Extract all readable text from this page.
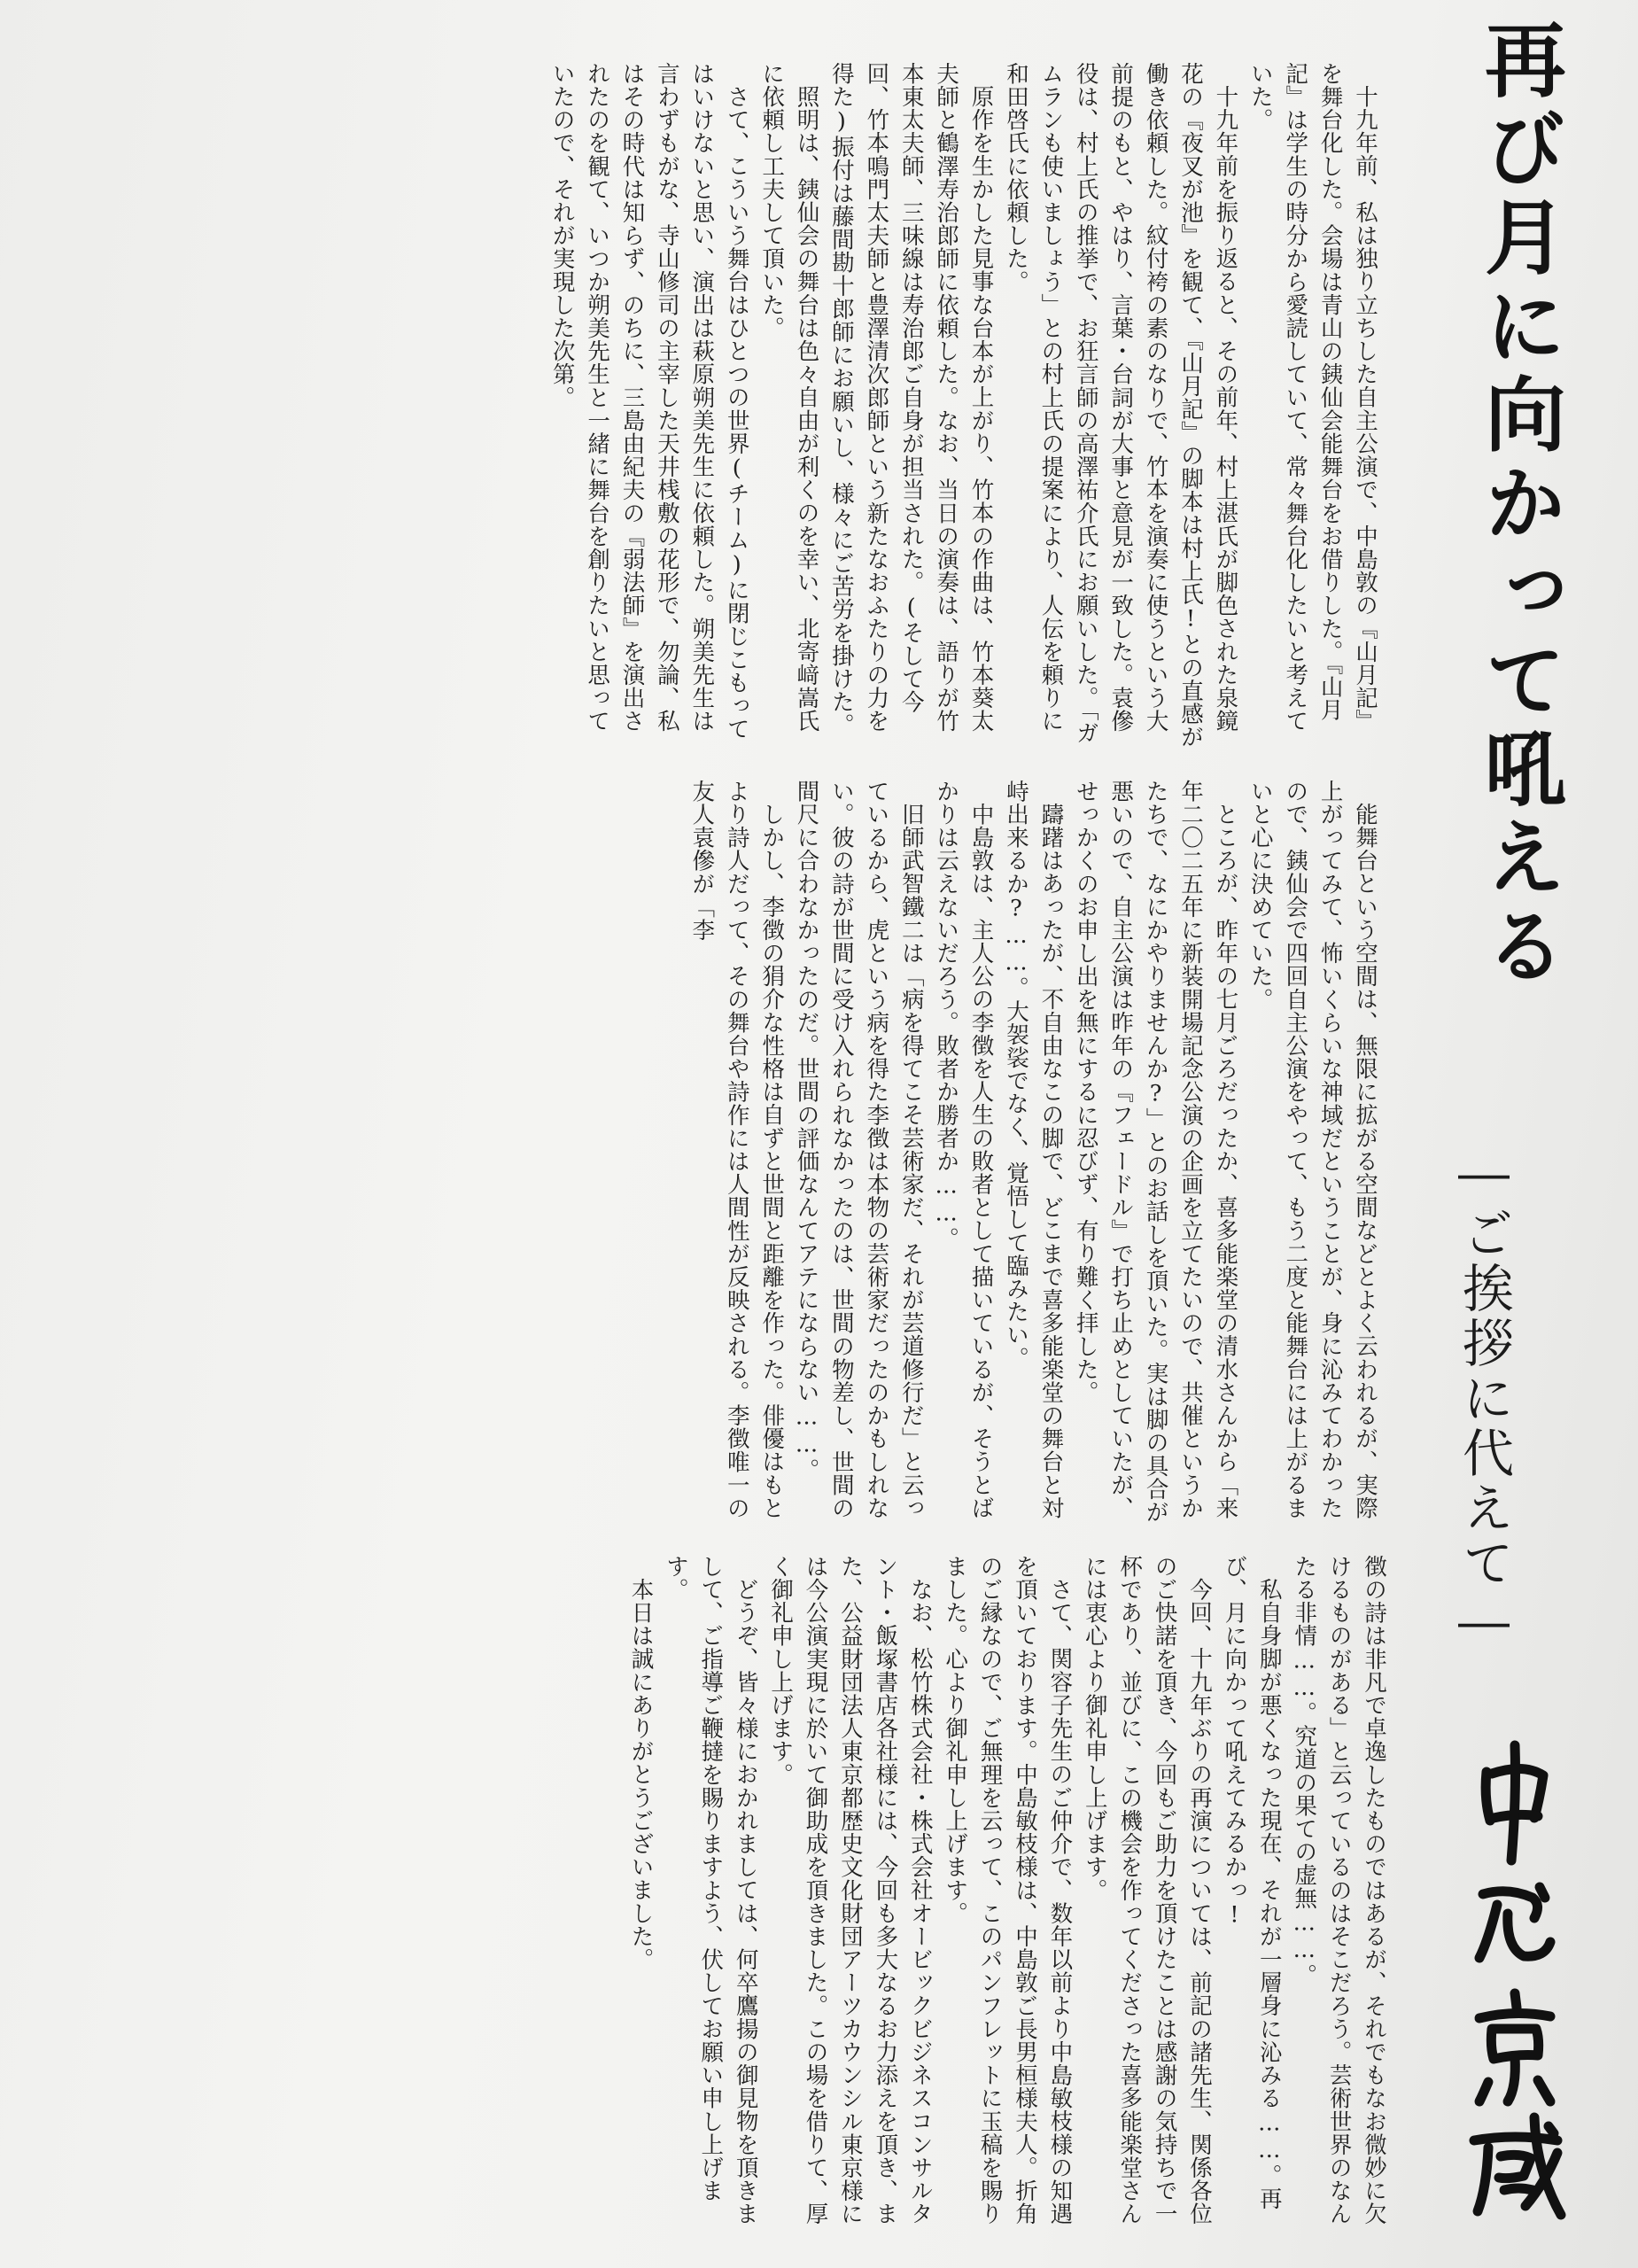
再び月に向かって吼える
―ご挨拶に代えて―

十九年前、私は独り立ちした自主公演で、中島敦の『山月記』を舞台化した。会場は青山の銕仙会能舞台をお借りした。『山月記』は学生の時分から愛読していて、常々舞台化したいと考えていた。

十九年前を振り返ると、その前年、村上湛氏が脚色された泉鏡花の『夜叉が池』を観て、『山月記』の脚本は村上氏!との直感が働き依頼した。紋付袴の素のなりで、竹本を演奏に使うという大前提のもと、やはり、言葉・台詞が大事と意見が一致した。袁傪役は、村上氏の推挙で、お狂言師の高澤祐介氏にお願いした。「ガムランも使いましょう」との村上氏の提案により、人伝を頼りに和田啓氏に依頼した。

原作を生かした見事な台本が上がり、竹本の作曲は、竹本葵太夫師と鶴澤寿治郎師に依頼した。なお、当日の演奏は、語りが竹本東太夫師、三味線は寿治郎ご自身が担当された。(そして今回、竹本鳴門太夫師と豊澤清次郎師という新たなおふたりの力を得た)振付は藤間勘十郎師にお願いし、様々にご苦労を掛けた。

照明は、銕仙会の舞台は色々自由が利くのを幸い、北寄﨑嵩氏に依頼し工夫して頂いた。

さて、こういう舞台はひとつの世界(チーム)に閉じこもってはいけないと思い、演出は萩原朔美先生に依頼した。朔美先生は言わずもがな、寺山修司の主宰した天井桟敷の花形で、勿論、私はその時代は知らず、のちに、三島由紀夫の『弱法師』を演出されたのを観て、いつか朔美先生と一緒に舞台を創りたいと思っていたので、それが実現した次第。

能舞台という空間は、無限に拡がる空間などとよく云われるが、実際上がってみて、怖いくらいな神域だということが、身に沁みてわかったので、銕仙会で四回自主公演をやって、もう二度と能舞台には上がるまいと心に決めていた。

ところが、昨年の七月ごろだったか、喜多能楽堂の清水さんから「来年二〇二五年に新装開場記念公演の企画を立てたいので、共催というかたちで、なにかやりませんか?」とのお話しを頂いた。実は脚の具合が悪いので、自主公演は昨年の『フェードル』で打ち止めとしていたが、せっかくのお申し出を無にするに忍びず、有り難く拝した。

躊躇はあったが、不自由なこの脚で、どこまで喜多能楽堂の舞台と対峙出来るか?……。大袈裟でなく、覚悟して臨みたい。

中島敦は、主人公の李徴を人生の敗者として描いているが、そうとばかりは云えないだろう。敗者か勝者か……。

旧師武智鐵二は「病を得てこそ芸術家だ、それが芸道修行だ」と云っているから、虎という病を得た李徴は本物の芸術家だったのかもしれない。彼の詩が世間に受け入れられなかったのは、世間の物差し、世間の間尺に合わなかったのだ。世間の評価なんてアテにならない……。

しかし、李徴の狷介な性格は自ずと世間と距離を作った。俳優はもとより詩人だって、その舞台や詩作には人間性が反映される。李徴唯一の友人袁傪が「李

徴の詩は非凡で卓逸したものではあるが、それでもなお微妙に欠けるものがある」と云っているのはそこだろう。芸術世界のなんたる非情……。究道の果ての虚無……。

私自身脚が悪くなった現在、それが一層身に沁みる……。再び、月に向かって吼えてみるかっ!

今回、十九年ぶりの再演については、前記の諸先生、関係各位のご快諾を頂き、今回もご助力を頂けたことは感謝の気持ちで一杯であり、並びに、この機会を作ってくださった喜多能楽堂さんには衷心より御礼申し上げます。

さて、関容子先生のご仲介で、数年以前より中島敏枝様の知遇を頂いております。中島敏枝様は、中島敦ご長男桓様夫人。折角のご縁なので、ご無理を云って、このパンフレットに玉稿を賜りました。心より御礼申し上げます。

なお、松竹株式会社・株式会社オービックビジネスコンサルタント・飯塚書店各社様には、今回も多大なるお力添えを頂き、また、公益財団法人東京都歴史文化財団アーツカウンシル東京様には今公演実現に於いて御助成を頂きました。この場を借りて、厚く御礼申し上げます。

どうぞ、皆々様におかれましては、何卒鷹揚の御見物を頂きまして、ご指導ご鞭撻を賜りますよう、伏してお願い申し上げます。

本日は誠にありがとうございました。
